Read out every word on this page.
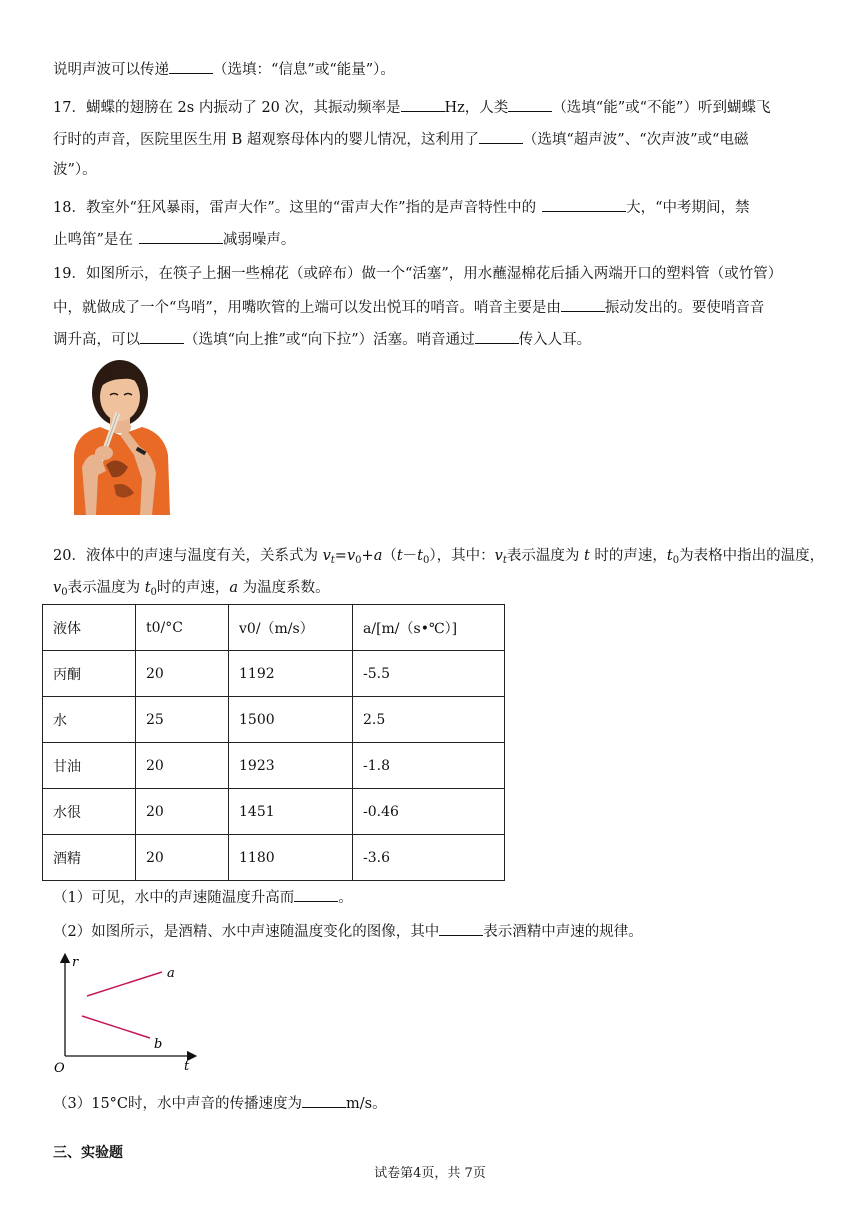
说明声波可以传递	（选填：“信息”或“能量”）。
17．蝴蝶的翅膀在 2s 内振动了 20 次，其振动频率是	Hz，人类	（选填“能”或“不能”）听到蝴蝶飞
行时的声音，医院里医生用 B 超观察母体内的婴儿情况，这利用了	（选填“超声波”、“次声波”或“电磁
波”）。
18．教室外“狂风暴雨，雷声大作”。这里的“雷声大作”指的是声音特性中的	大，“中考期间，禁
止鸣笛”是在	减弱噪声。
19．如图所示，在筷子上捆一些棉花（或碎布）做一个“活塞”，用水蘸湿棉花后插入两端开口的塑料管（或竹管）
中，就做成了一个“鸟哨”，用嘴吹管的上端可以发出悦耳的哨音。哨音主要是由	振动发出的。要使哨音音
调升高，可以	（选填“向上推”或“向下拉”）活塞。哨音通过	传入人耳。
20．液体中的声速与温度有关，关系式为 $v_t=v_0+a(t-t_0)$，其中：$v_t$表示温度为 t 时的声速，$t_0$为表格中指出的温度，
$v_0$表示温度为 $t_0$时的声速，a 为温度系数。
液体	t0/°C	v0/（m/s）	a/[m/（s•℃）]
丙酮	20	1192	-5.5
水	25	1500	2.5
甘油	20	1923	-1.8
水很	20	1451	-0.46
酒精	20	1180	-3.6
（1）可见，水中的声速随温度升高而	。
（2）如图所示，是酒精、水中声速随温度变化的图像，其中	表示酒精中声速的规律。
r
t
O
a
b
（3）15°C时，水中声音的传播速度为	m/s。
三、实验题
试卷第4页，共 7页
